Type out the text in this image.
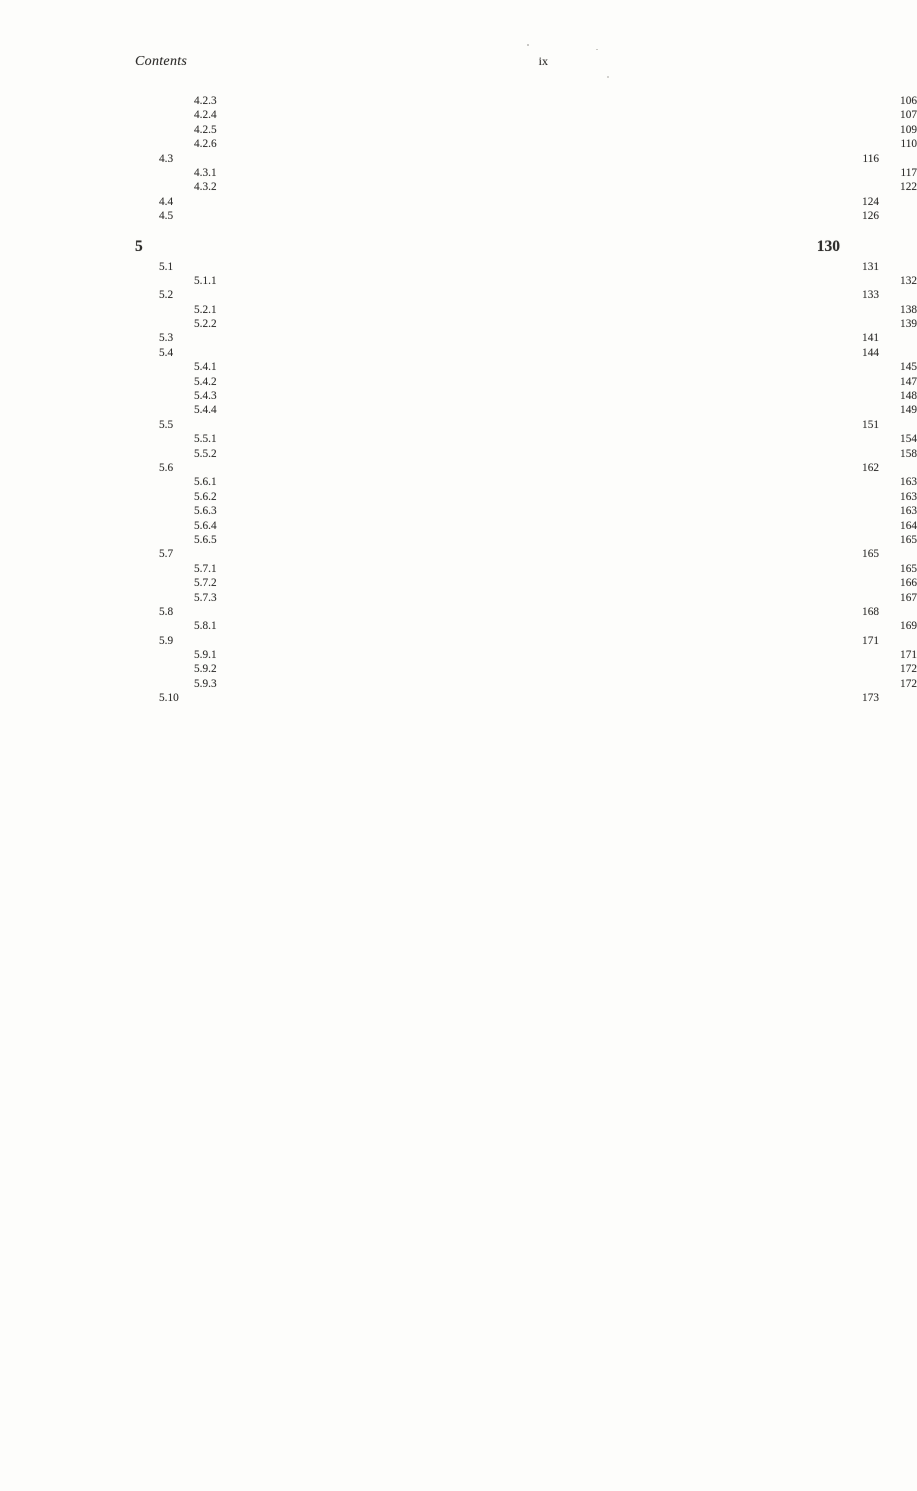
Contents	ix
4.2.3	106
4.2.4	107
4.2.5	109
4.2.6	110
4.3	116
4.3.1	117
4.3.2	122
4.4	124
4.5	126
5	130
5.1	131
5.1.1	132
5.2	133
5.2.1	138
5.2.2	139
5.3	141
5.4	144
5.4.1	145
5.4.2	147
5.4.3	148
5.4.4	149
5.5	151
5.5.1	154
5.5.2	158
5.6	162
5.6.1	163
5.6.2	163
5.6.3	163
5.6.4	164
5.6.5	165
5.7	165
5.7.1	165
5.7.2	166
5.7.3	167
5.8	168
5.8.1	169
5.9	171
5.9.1	171
5.9.2	172
5.9.3	172
5.10	173
